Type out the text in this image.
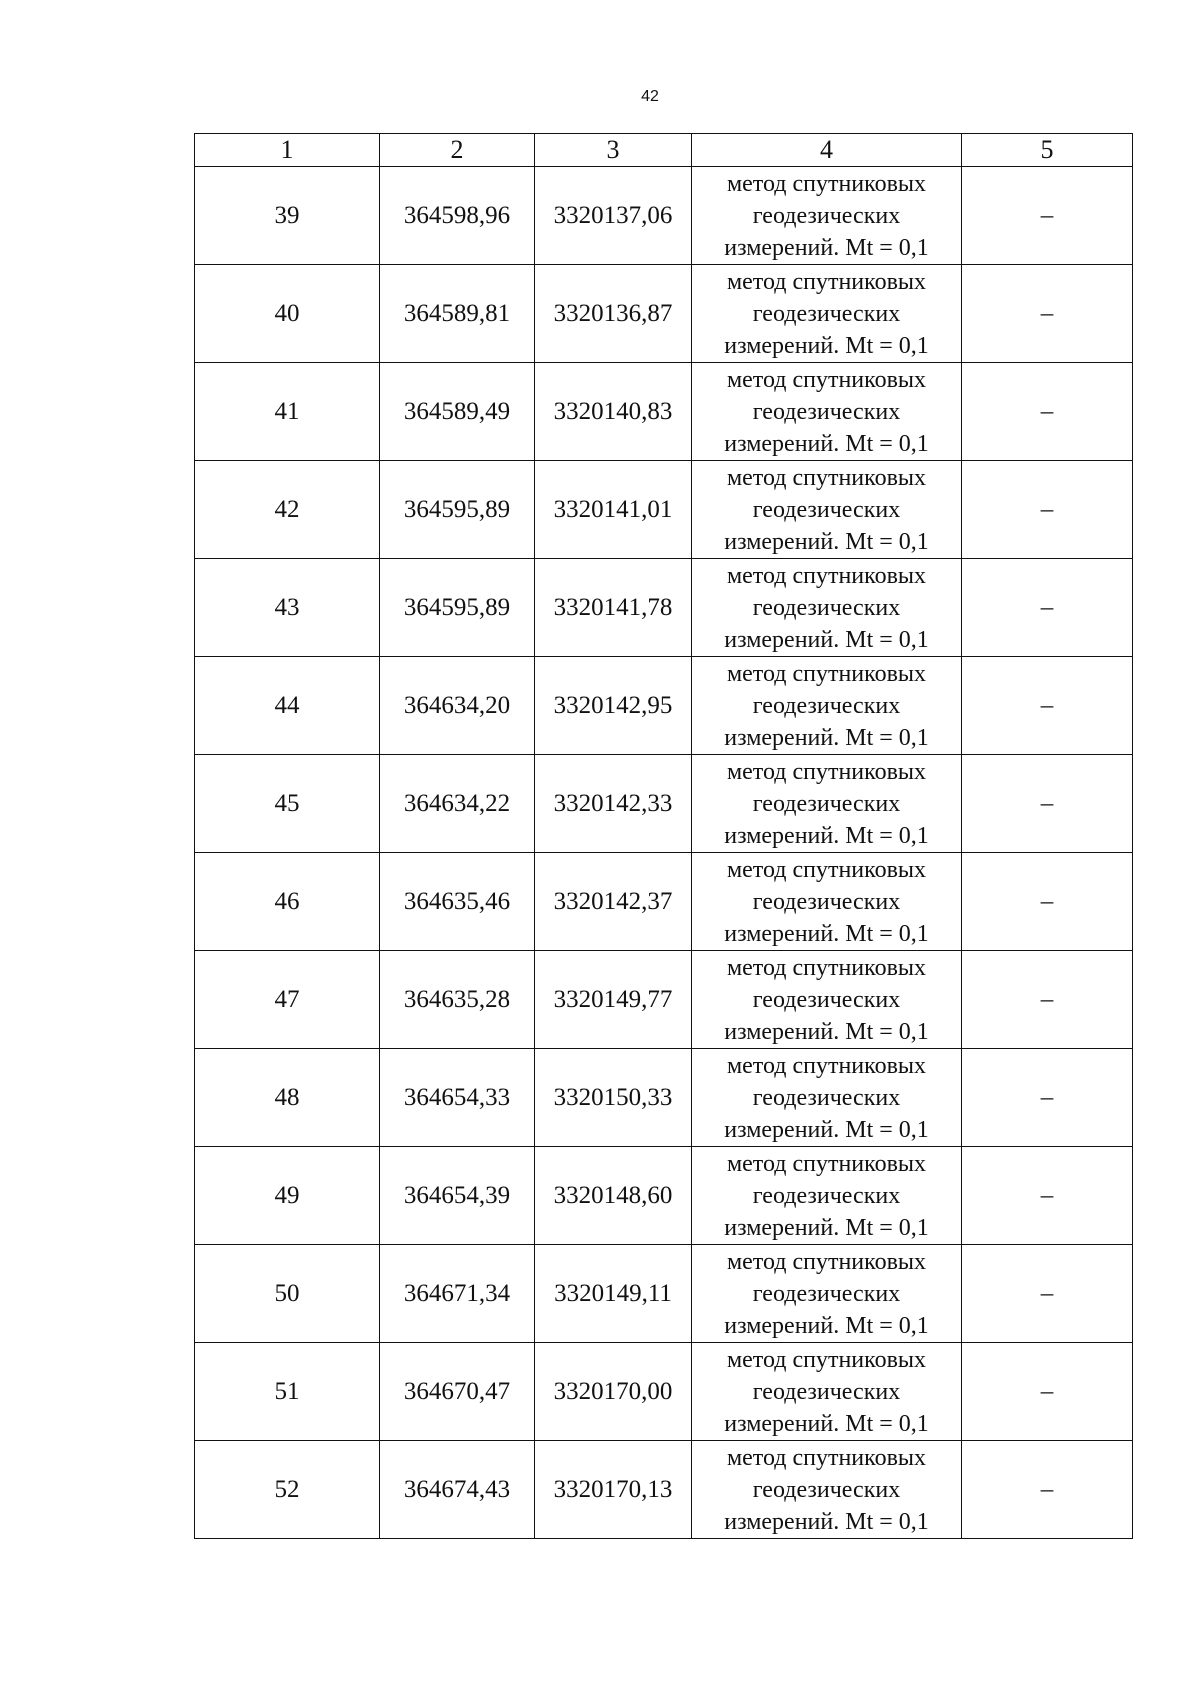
42
1	2	3	4	5
39	364598,96	3320137,06	метод спутниковых
геодезических
измерений. Mt = 0,1	–
40	364589,81	3320136,87	метод спутниковых
геодезических
измерений. Mt = 0,1	–
41	364589,49	3320140,83	метод спутниковых
геодезических
измерений. Mt = 0,1	–
42	364595,89	3320141,01	метод спутниковых
геодезических
измерений. Mt = 0,1	–
43	364595,89	3320141,78	метод спутниковых
геодезических
измерений. Mt = 0,1	–
44	364634,20	3320142,95	метод спутниковых
геодезических
измерений. Mt = 0,1	–
45	364634,22	3320142,33	метод спутниковых
геодезических
измерений. Mt = 0,1	–
46	364635,46	3320142,37	метод спутниковых
геодезических
измерений. Mt = 0,1	–
47	364635,28	3320149,77	метод спутниковых
геодезических
измерений. Mt = 0,1	–
48	364654,33	3320150,33	метод спутниковых
геодезических
измерений. Mt = 0,1	–
49	364654,39	3320148,60	метод спутниковых
геодезических
измерений. Mt = 0,1	–
50	364671,34	3320149,11	метод спутниковых
геодезических
измерений. Mt = 0,1	–
51	364670,47	3320170,00	метод спутниковых
геодезических
измерений. Mt = 0,1	–
52	364674,43	3320170,13	метод спутниковых
геодезических
измерений. Mt = 0,1	–
